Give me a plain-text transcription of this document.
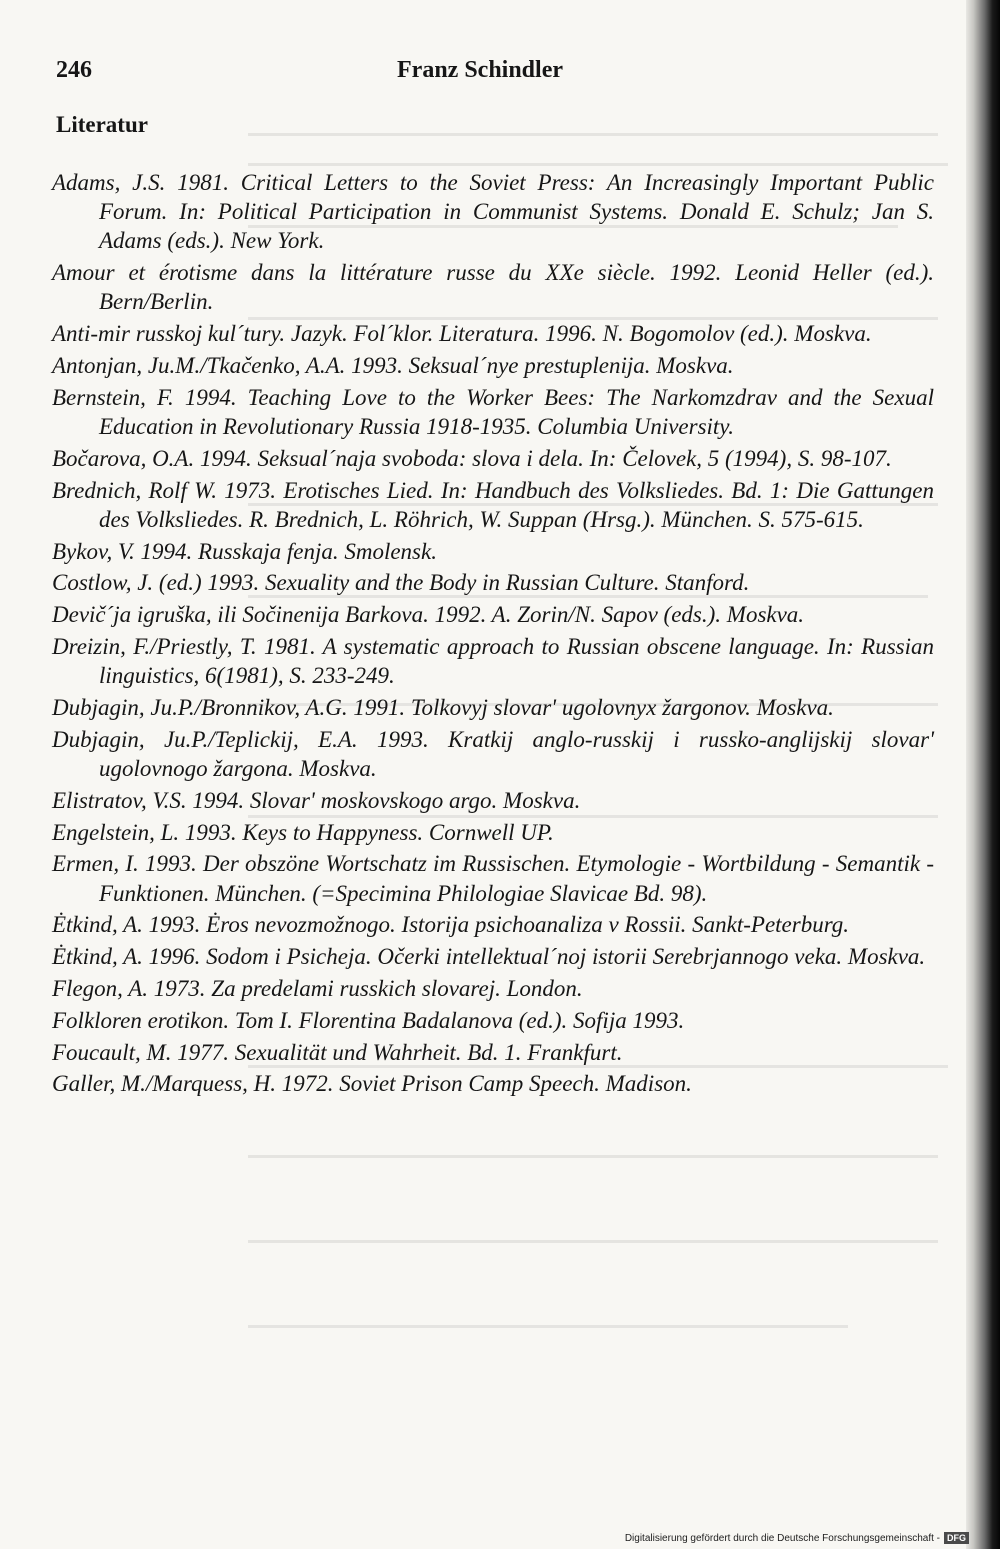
246	Franz Schindler
Literatur
Adams, J.S. 1981. Critical Letters to the Soviet Press: An Increasingly Important Public Forum. In: Political Participation in Communist Systems. Donald E. Schulz; Jan S. Adams (eds.). New York.
Amour et érotisme dans la littérature russe du XXe siècle. 1992. Leonid Heller (ed.). Bern/Berlin.
Anti-mir russkoj kul´tury. Jazyk. Fol´klor. Literatura. 1996. N. Bogomolov (ed.). Moskva.
Antonjan, Ju.M./Tkačenko, A.A. 1993. Seksual´nye prestuplenija. Moskva.
Bernstein, F. 1994. Teaching Love to the Worker Bees: The Narkomzdrav and the Sexual Education in Revolutionary Russia 1918-1935. Columbia University.
Bočarova, O.A. 1994. Seksual´naja svoboda: slova i dela. In: Čelovek, 5 (1994), S. 98-107.
Brednich, Rolf W. 1973. Erotisches Lied. In: Handbuch des Volksliedes. Bd. 1: Die Gattungen des Volksliedes. R. Brednich, L. Röhrich, W. Suppan (Hrsg.). München. S. 575-615.
Bykov, V. 1994. Russkaja fenja. Smolensk.
Costlow, J. (ed.) 1993. Sexuality and the Body in Russian Culture. Stanford.
Devič´ja igruška, ili Sočinenija Barkova. 1992. A. Zorin/N. Sapov (eds.). Moskva.
Dreizin, F./Priestly, T. 1981. A systematic approach to Russian obscene language. In: Russian linguistics, 6(1981), S. 233-249.
Dubjagin, Ju.P./Bronnikov, A.G. 1991. Tolkovyj slovar' ugolovnyx žargonov. Moskva.
Dubjagin, Ju.P./Teplickij, E.A. 1993. Kratkij anglo-russkij i russko-anglijskij slovar' ugolovnogo žargona. Moskva.
Elistratov, V.S. 1994. Slovar' moskovskogo argo. Moskva.
Engelstein, L. 1993. Keys to Happyness. Cornwell UP.
Ermen, I. 1993. Der obszöne Wortschatz im Russischen. Etymologie - Wortbildung - Semantik - Funktionen. München. (=Specimina Philologiae Slavicae Bd. 98).
Ėtkind, A. 1993. Ėros nevozmožnogo. Istorija psichoanaliza v Rossii. Sankt-Peterburg.
Ėtkind, A. 1996. Sodom i Psicheja. Očerki intellektual´noj istorii Serebrjannogo veka. Moskva.
Flegon, A. 1973. Za predelami russkich slovarej. London.
Folkloren erotikon. Tom I. Florentina Badalanova (ed.). Sofija 1993.
Foucault, M. 1977. Sexualität und Wahrheit. Bd. 1. Frankfurt.
Galler, M./Marquess, H. 1972. Soviet Prison Camp Speech. Madison.
Digitalisierung gefördert durch die Deutsche Forschungsgemeinschaft - DFG
